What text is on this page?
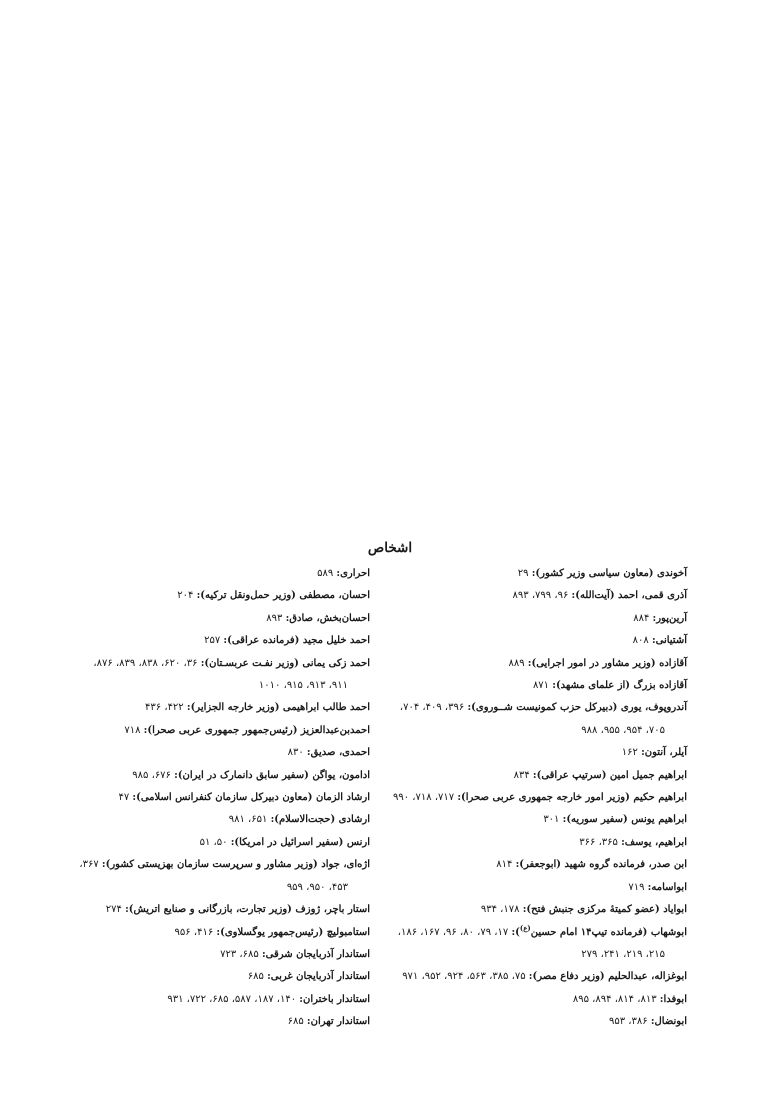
اشخاص
آخوندی (معاون سیاسی وزیر کشور): ۲۹
آذری قمی، احمد (آیت‌الله): ۹۶، ۷۹۹، ۸۹۳
آرین‌پور: ۸۸۴
آشتیانی: ۸۰۸
آقازاده (وزیر مشاور در امور اجرایی): ۸۸۹
آقازاده بزرگ (از علمای مشهد): ۸۷۱
آندروپوف، یوری (دبیرکل حزب کمونیست شــوروی): ۳۹۶، ۴۰۹، ۷۰۴،
۷۰۵، ۹۵۴، ۹۵۵، ۹۸۸
آیلر، آنتون: ۱۶۲
ابراهیم جمیل امین (سرتیپ عراقی): ۸۳۴
ابراهیم حکیم (وزیر امور خارجه جمهوری عربی صحرا): ۷۱۷، ۷۱۸، ۹۹۰
ابراهیم یونس (سفیر سوریه): ۳۰۱
ابراهیم، یوسف: ۳۶۵، ۳۶۶
ابن صدر، فرمانده گروه شهید (ابوجعفر): ۸۱۴
ابواسامه: ۷۱۹
ابوایاد (عضو کمیتهٔ مرکزی جنبش فتح): ۱۷۸، ۹۳۴
ابوشهاب (فرمانده تیپ۱۴ امام حسین$^{(ع)}$): ۱۷، ۷۹، ۸۰، ۹۶، ۱۶۷، ۱۸۶،
۲۱۵، ۲۱۹، ۲۴۱، ۲۷۹
ابوغزاله، عبدالحلیم (وزیر دفاع مصر): ۷۵، ۳۸۵، ۵۶۳، ۹۲۴، ۹۵۲، ۹۷۱
ابوفدا: ۸۱۳، ۸۱۴، ۸۹۴، ۸۹۵
ابونضال: ۳۸۶، ۹۵۳
احراری: ۵۸۹
احسان، مصطفی (وزیر حمل‌ونقل ترکیه): ۲۰۴
احسان‌بخش، صادق: ۸۹۳
احمد خلیل مجید (فرمانده عراقی): ۲۵۷
احمد زکی یمانی (وزیر نفـت عربسـتان): ۳۶، ۶۲۰، ۸۳۸، ۸۳۹، ۸۷۶،
۹۱۱، ۹۱۳، ۹۱۵، ۱۰۱۰
احمد طالب ابراهیمی (وزیر خارجه الجزایر): ۴۲۲، ۴۳۶
احمدبن‌عبدالعزیز (رئیس‌جمهور جمهوری عربی صحرا): ۷۱۸
احمدی، صدیق: ۸۳۰
ادامون، یواگن (سفیر سابق دانمارک در ایران): ۶۷۶، ۹۸۵
ارشاد الزمان (معاون دبیرکل سازمان کنفرانس اسلامی): ۴۷
ارشادی (حجت‌الاسلام): ۶۵۱، ۹۸۱
ارنس (سفیر اسرائیل در امریکا): ۵۰، ۵۱
اژه‌ای، جواد (وزیر مشاور و سرپرست سازمان بهزیستی کشور): ۳۶۷،
۴۵۳، ۹۵۰، ۹۵۹
استار باچر، ژوزف (وزیر تجارت، بازرگانی و صنایع اتریش): ۲۷۴
استامبولیچ (رئیس‌جمهور یوگسلاوی): ۴۱۶، ۹۵۶
استاندار آذربایجان شرقی: ۶۸۵، ۷۲۳
استاندار آذربایجان غربی: ۶۸۵
استاندار باختران: ۱۴۰، ۱۸۷، ۵۸۷، ۶۸۵، ۷۲۲، ۹۳۱
استاندار تهران: ۶۸۵
